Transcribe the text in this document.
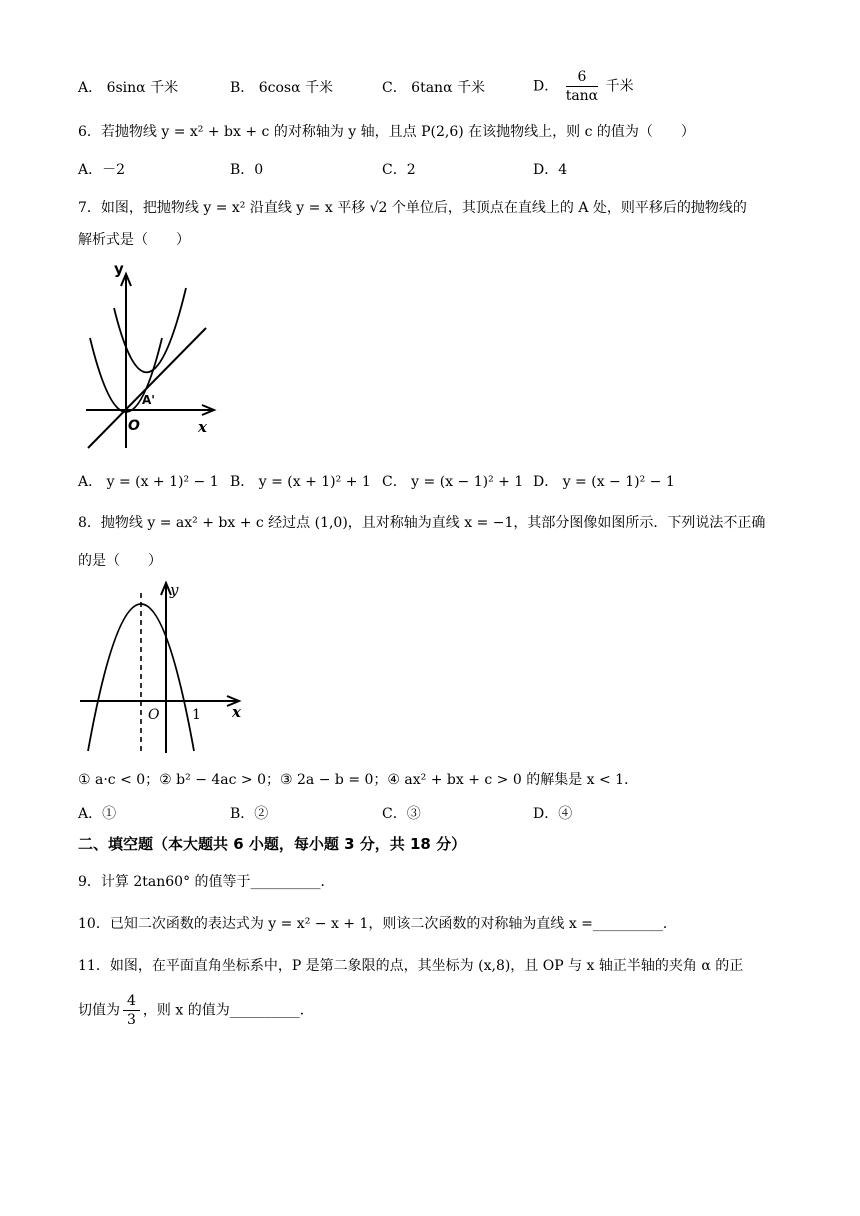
A． 6sinα 千米	B． 6cosα 千米	C． 6tanα 千米	D． $\frac{6}{\tan\alpha}$ 千米
6．若抛物线 y = x² + bx + c 的对称轴为 y 轴，且点 P(2,6) 在该抛物线上，则 c 的值为（　　）
A．－2	B．0	C．2	D．4
7．如图，把抛物线 y = x² 沿直线 y = x 平移 √2 个单位后，其顶点在直线上的 A 处，则平移后的抛物线的
解析式是（　　）
y
x
O
A'
A． y = (x + 1)² − 1 B． y = (x + 1)² + 1 C． y = (x − 1)² + 1 D． y = (x − 1)² − 1
8．抛物线 y = ax² + bx + c 经过点 (1,0)，且对称轴为直线 x = −1，其部分图像如图所示．下列说法不正确
的是（　　）
y
x
O 1
① a·c < 0；② b² − 4ac > 0；③ 2a − b = 0；④ ax² + bx + c > 0 的解集是 x < 1．
A．①	B．②	C．③	D．④
二、填空题（本大题共 6 小题，每小题 3 分，共 18 分）
9．计算 2tan60° 的值等于__________．
10．已知二次函数的表达式为 y = x² − x + 1，则该二次函数的对称轴为直线 x =__________．
11．如图，在平面直角坐标系中，P 是第二象限的点，其坐标为 (x,8)，且 OP 与 x 轴正半轴的夹角 α 的正
切值为 $\frac{4}{3}$ ，则 x 的值为__________．
